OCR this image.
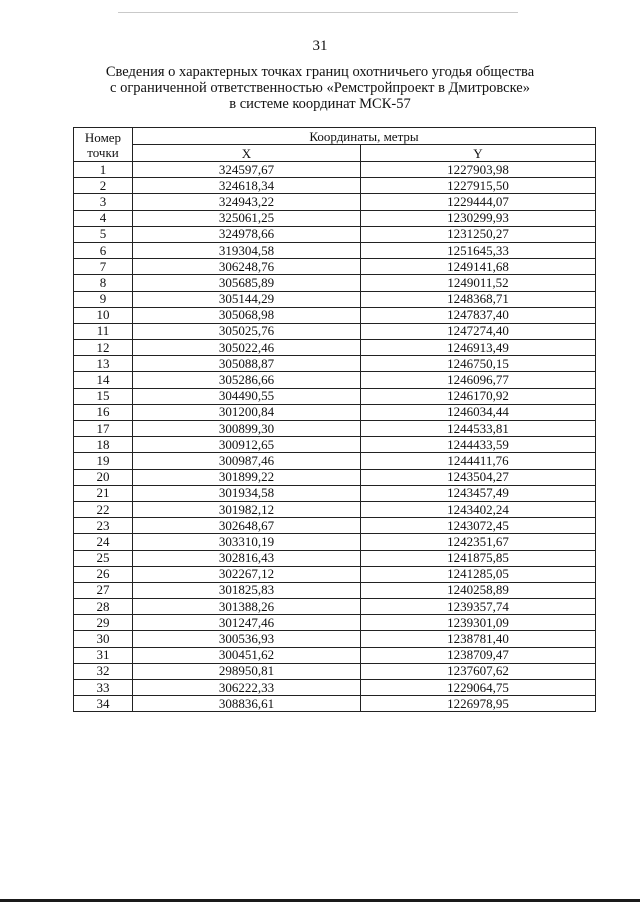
31
Сведения о характерных точках границ охотничьего угодья общества
с ограниченной ответственностью «Ремстройпроект в Дмитровске»
в системе координат МСК-57
Номер
точки	Координаты, метры	
	X	Y
1	324597,67	1227903,98
2	324618,34	1227915,50
3	324943,22	1229444,07
4	325061,25	1230299,93
5	324978,66	1231250,27
6	319304,58	1251645,33
7	306248,76	1249141,68
8	305685,89	1249011,52
9	305144,29	1248368,71
10	305068,98	1247837,40
11	305025,76	1247274,40
12	305022,46	1246913,49
13	305088,87	1246750,15
14	305286,66	1246096,77
15	304490,55	1246170,92
16	301200,84	1246034,44
17	300899,30	1244533,81
18	300912,65	1244433,59
19	300987,46	1244411,76
20	301899,22	1243504,27
21	301934,58	1243457,49
22	301982,12	1243402,24
23	302648,67	1243072,45
24	303310,19	1242351,67
25	302816,43	1241875,85
26	302267,12	1241285,05
27	301825,83	1240258,89
28	301388,26	1239357,74
29	301247,46	1239301,09
30	300536,93	1238781,40
31	300451,62	1238709,47
32	298950,81	1237607,62
33	306222,33	1229064,75
34	308836,61	1226978,95
